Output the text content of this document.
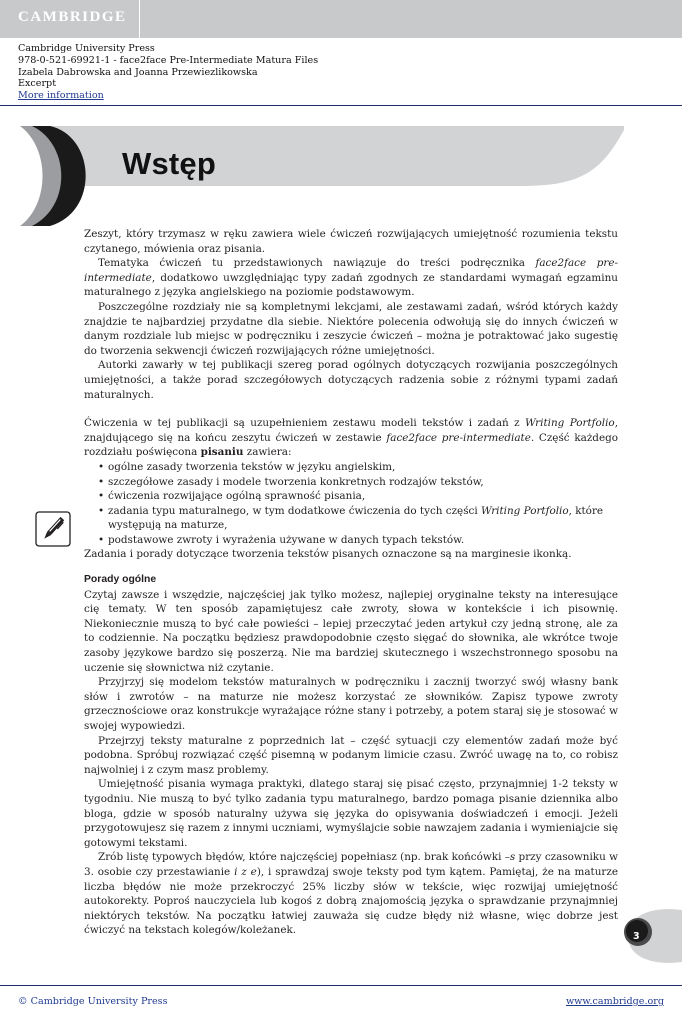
CAMBRIDGE
Cambridge University Press
978-0-521-69921-1 - face2face Pre-Intermediate Matura Files
Izabela Dabrowska and Joanna Przewiezlikowska
Excerpt
More information
Wstęp

Zeszyt, który trzymasz w ręku zawiera wiele ćwiczeń rozwijających umiejętność rozumienia tekstu czytanego, mówienia oraz pisania.

Tematyka ćwiczeń tu przedstawionych nawiązuje do treści podręcznika face2face pre-intermediate, dodatkowo uwzględniając typy zadań zgodnych ze standardami wymagań egzaminu maturalnego z języka angielskiego na poziomie podstawowym.

Poszczególne rozdziały nie są kompletnymi lekcjami, ale zestawami zadań, wśród których każdy znajdzie te najbardziej przydatne dla siebie. Niektóre polecenia odwołują się do innych ćwiczeń w danym rozdziale lub miejsc w podręczniku i zeszycie ćwiczeń – można je potraktować jako sugestię do tworzenia sekwencji ćwiczeń rozwijających różne umiejętności.

Autorki zawarły w tej publikacji szereg porad ogólnych dotyczących rozwijania poszczególnych umiejętności, a także porad szczegółowych dotyczących radzenia sobie z różnymi typami zadań maturalnych.

Ćwiczenia w tej publikacji są uzupełnieniem zestawu modeli tekstów i zadań z Writing Portfolio, znajdującego się na końcu zeszytu ćwiczeń w zestawie face2face pre-intermediate. Część każdego rozdziału poświęcona pisaniu zawiera:

• ogólne zasady tworzenia tekstów w języku angielskim,
• szczegółowe zasady i modele tworzenia konkretnych rodzajów tekstów,
• ćwiczenia rozwijające ogólną sprawność pisania,
• zadania typu maturalnego, w tym dodatkowe ćwiczenia do tych części Writing Portfolio, które występują na maturze,
• podstawowe zwroty i wyrażenia używane w danych typach tekstów.

Zadania i porady dotyczące tworzenia tekstów pisanych oznaczone są na marginesie ikonką.

Porady ogólne

Czytaj zawsze i wszędzie, najczęściej jak tylko możesz, najlepiej oryginalne teksty na interesujące cię tematy. W ten sposób zapamiętujesz całe zwroty, słowa w kontekście i ich pisownię. Niekoniecznie muszą to być całe powieści – lepiej przeczytać jeden artykuł czy jedną stronę, ale za to codziennie. Na początku będziesz prawdopodobnie często sięgać do słownika, ale wkrótce twoje zasoby językowe bardzo się poszerzą. Nie ma bardziej skutecznego i wszechstronnego sposobu na uczenie się słownictwa niż czytanie.

Przyjrzyj się modelom tekstów maturalnych w podręczniku i zacznij tworzyć swój własny bank słów i zwrotów – na maturze nie możesz korzystać ze słowników. Zapisz typowe zwroty grzecznościowe oraz konstrukcje wyrażające różne stany i potrzeby, a potem staraj się je stosować w swojej wypowiedzi.

Przejrzyj teksty maturalne z poprzednich lat – część sytuacji czy elementów zadań może być podobna. Spróbuj rozwiązać część pisemną w podanym limicie czasu. Zwróć uwagę na to, co robisz najwolniej i z czym masz problemy.

Umiejętność pisania wymaga praktyki, dlatego staraj się pisać często, przynajmniej 1-2 teksty w tygodniu. Nie muszą to być tylko zadania typu maturalnego, bardzo pomaga pisanie dziennika albo bloga, gdzie w sposób naturalny używa się języka do opisywania doświadczeń i emocji. Jeżeli przygotowujesz się razem z innymi uczniami, wymyślajcie sobie nawzajem zadania i wymieniajcie się gotowymi tekstami.

Zrób listę typowych błędów, które najczęściej popełniasz (np. brak końcówki –s przy czasowniku w 3. osobie czy przestawianie i z e), i sprawdzaj swoje teksty pod tym kątem. Pamiętaj, że na maturze liczba błędów nie może przekroczyć 25% liczby słów w tekście, więc rozwijaj umiejętność autokorekty. Poproś nauczyciela lub kogoś z dobrą znajomością języka o sprawdzanie przynajmniej niektórych tekstów. Na początku łatwiej zauważa się cudze błędy niż własne, więc dobrze jest ćwiczyć na tekstach kolegów/koleżanek.

© Cambridge University Press	www.cambridge.org
